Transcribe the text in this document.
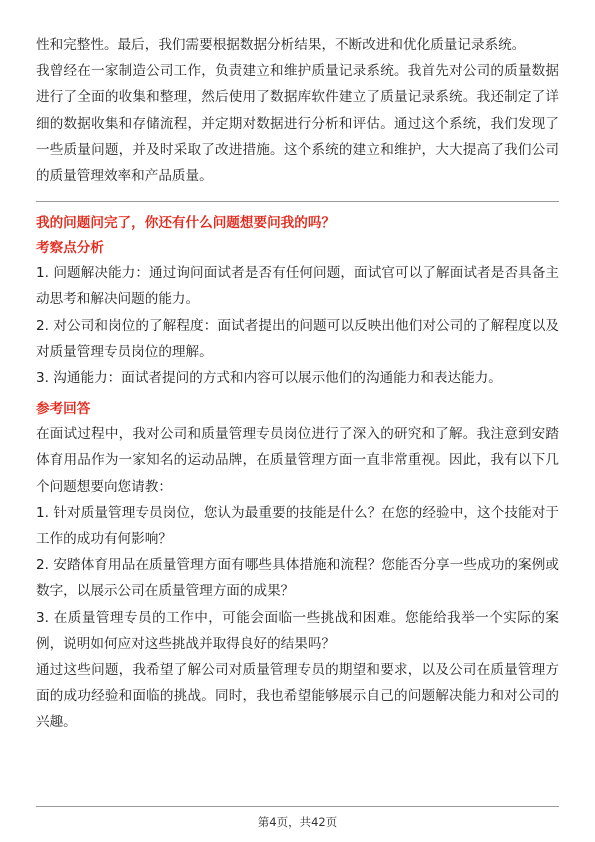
性和完整性。最后，我们需要根据数据分析结果，不断改进和优化质量记录系统。

我曾经在一家制造公司工作，负责建立和维护质量记录系统。我首先对公司的质量数据进行了全面的收集和整理，然后使用了数据库软件建立了质量记录系统。我还制定了详细的数据收集和存储流程，并定期对数据进行分析和评估。通过这个系统，我们发现了一些质量问题，并及时采取了改进措施。这个系统的建立和维护，大大提高了我们公司的质量管理效率和产品质量。

我的问题问完了，你还有什么问题想要问我的吗？

考察点分析

1. 问题解决能力：通过询问面试者是否有任何问题，面试官可以了解面试者是否具备主动思考和解决问题的能力。

2. 对公司和岗位的了解程度：面试者提出的问题可以反映出他们对公司的了解程度以及对质量管理专员岗位的理解。

3. 沟通能力：面试者提问的方式和内容可以展示他们的沟通能力和表达能力。

参考回答

在面试过程中，我对公司和质量管理专员岗位进行了深入的研究和了解。我注意到安踏体育用品作为一家知名的运动品牌，在质量管理方面一直非常重视。因此，我有以下几个问题想要向您请教：

1. 针对质量管理专员岗位，您认为最重要的技能是什么？在您的经验中，这个技能对于工作的成功有何影响？

2. 安踏体育用品在质量管理方面有哪些具体措施和流程？您能否分享一些成功的案例或数字，以展示公司在质量管理方面的成果？

3. 在质量管理专员的工作中，可能会面临一些挑战和困难。您能给我举一个实际的案例，说明如何应对这些挑战并取得良好的结果吗？

通过这些问题，我希望了解公司对质量管理专员的期望和要求，以及公司在质量管理方面的成功经验和面临的挑战。同时，我也希望能够展示自己的问题解决能力和对公司的兴趣。

第4页，共42页
